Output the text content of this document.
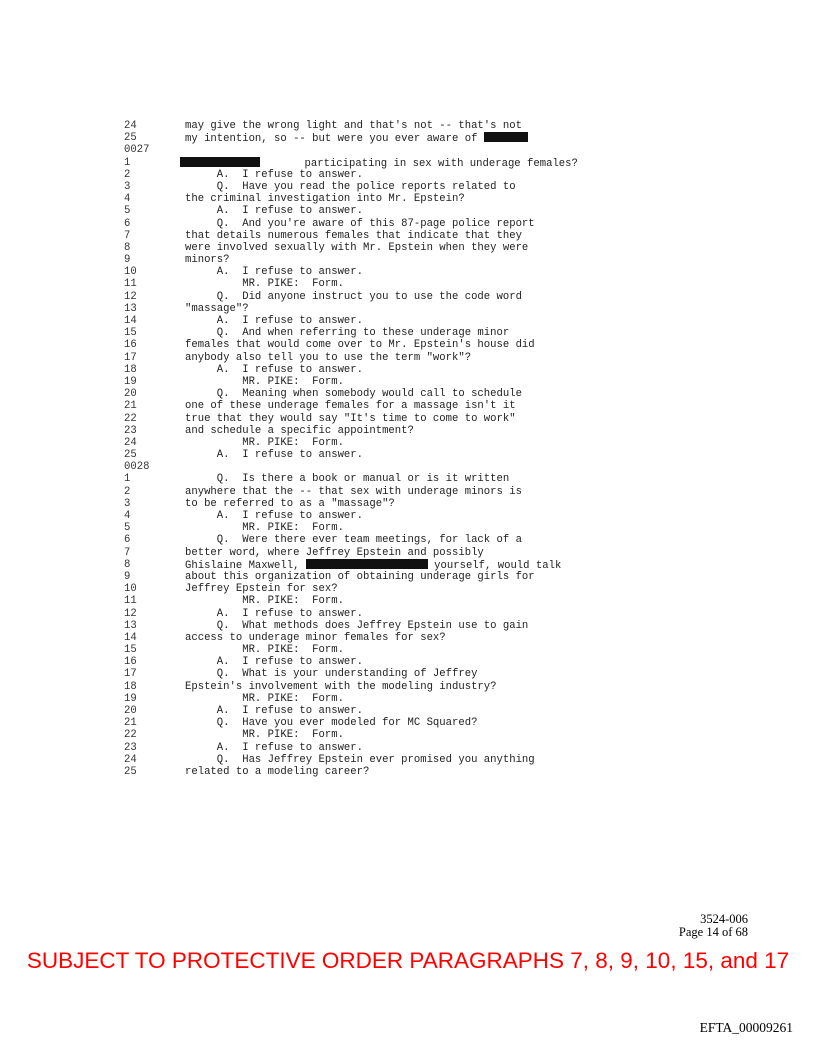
24	may give the wrong light and that's not -- that's not
25	my intention, so -- but were you ever aware of
0027
1	participating in sex with underage females?
2	A.  I refuse to answer.
3	Q.  Have you read the police reports related to
4	the criminal investigation into Mr. Epstein?
5	A.  I refuse to answer.
6	Q.  And you're aware of this 87-page police report
7	that details numerous females that indicate that they
8	were involved sexually with Mr. Epstein when they were
9	minors?
10	A.  I refuse to answer.
11	MR. PIKE:  Form.
12	Q.  Did anyone instruct you to use the code word
13	"massage"?
14	A.  I refuse to answer.
15	Q.  And when referring to these underage minor
16	females that would come over to Mr. Epstein's house did
17	anybody also tell you to use the term "work"?
18	A.  I refuse to answer.
19	MR. PIKE:  Form.
20	Q.  Meaning when somebody would call to schedule
21	one of these underage females for a massage isn't it
22	true that they would say "It's time to come to work"
23	and schedule a specific appointment?
24	MR. PIKE:  Form.
25	A.  I refuse to answer.
0028
1	Q.  Is there a book or manual or is it written
2	anywhere that the -- that sex with underage minors is
3	to be referred to as a "massage"?
4	A.  I refuse to answer.
5	MR. PIKE:  Form.
6	Q.  Were there ever team meetings, for lack of a
7	better word, where Jeffrey Epstein and possibly
8	Ghislaine Maxwell,	yourself, would talk
9	about this organization of obtaining underage girls for
10	Jeffrey Epstein for sex?
11	MR. PIKE:  Form.
12	A.  I refuse to answer.
13	Q.  What methods does Jeffrey Epstein use to gain
14	access to underage minor females for sex?
15	MR. PIKE:  Form.
16	A.  I refuse to answer.
17	Q.  What is your understanding of Jeffrey
18	Epstein's involvement with the modeling industry?
19	MR. PIKE:  Form.
20	A.  I refuse to answer.
21	Q.  Have you ever modeled for MC Squared?
22	MR. PIKE:  Form.
23	A.  I refuse to answer.
24	Q.  Has Jeffrey Epstein ever promised you anything
25	related to a modeling career?
3524-006
Page 14 of 68
SUBJECT TO PROTECTIVE ORDER PARAGRAPHS 7, 8, 9, 10, 15, and 17
EFTA_00009261
